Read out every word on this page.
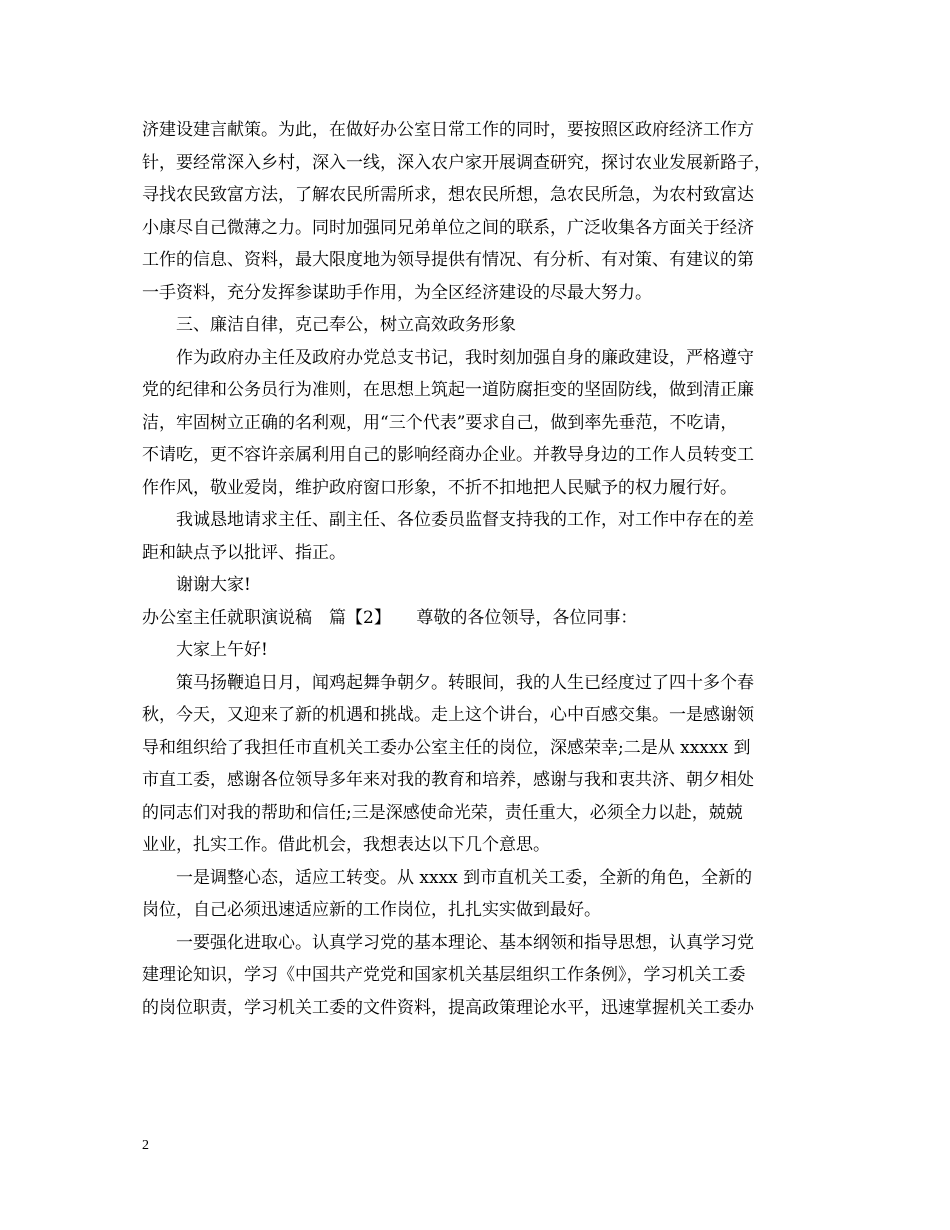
济建设建言献策。为此，在做好办公室日常工作的同时，要按照区政府经济工作方
针，要经常深入乡村，深入一线，深入农户家开展调查研究，探讨农业发展新路子，
寻找农民致富方法，了解农民所需所求，想农民所想，急农民所急，为农村致富达
小康尽自己微薄之力。同时加强同兄弟单位之间的联系，广泛收集各方面关于经济
工作的信息、资料，最大限度地为领导提供有情况、有分析、有对策、有建议的第
一手资料，充分发挥参谋助手作用，为全区经济建设的尽最大努力。
三、廉洁自律，克己奉公，树立高效政务形象
作为政府办主任及政府办党总支书记，我时刻加强自身的廉政建设，严格遵守
党的纪律和公务员行为准则，在思想上筑起一道防腐拒变的坚固防线，做到清正廉
洁，牢固树立正确的名利观，用“三个代表”要求自己，做到率先垂范，不吃请，
不请吃，更不容许亲属利用自己的影响经商办企业。并教导身边的工作人员转变工
作作风，敬业爱岗，维护政府窗口形象，不折不扣地把人民赋予的权力履行好。
我诚恳地请求主任、副主任、各位委员监督支持我的工作，对工作中存在的差
距和缺点予以批评、指正。
谢谢大家!
办公室主任就职演说稿　篇【2】　　尊敬的各位领导，各位同事：
大家上午好!
策马扬鞭追日月，闻鸡起舞争朝夕。转眼间，我的人生已经度过了四十多个春
秋，今天，又迎来了新的机遇和挑战。走上这个讲台，心中百感交集。一是感谢领
导和组织给了我担任市直机关工委办公室主任的岗位，深感荣幸;二是从 xxxxx 到
市直工委，感谢各位领导多年来对我的教育和培养，感谢与我和衷共济、朝夕相处
的同志们对我的帮助和信任;三是深感使命光荣，责任重大，必须全力以赴，兢兢
业业，扎实工作。借此机会，我想表达以下几个意思。
一是调整心态，适应工转变。从 xxxx 到市直机关工委，全新的角色，全新的
岗位，自己必须迅速适应新的工作岗位，扎扎实实做到最好。
一要强化进取心。认真学习党的基本理论、基本纲领和指导思想，认真学习党
建理论知识，学习《中国共产党党和国家机关基层组织工作条例》，学习机关工委
的岗位职责，学习机关工委的文件资料，提高政策理论水平，迅速掌握机关工委办
2
